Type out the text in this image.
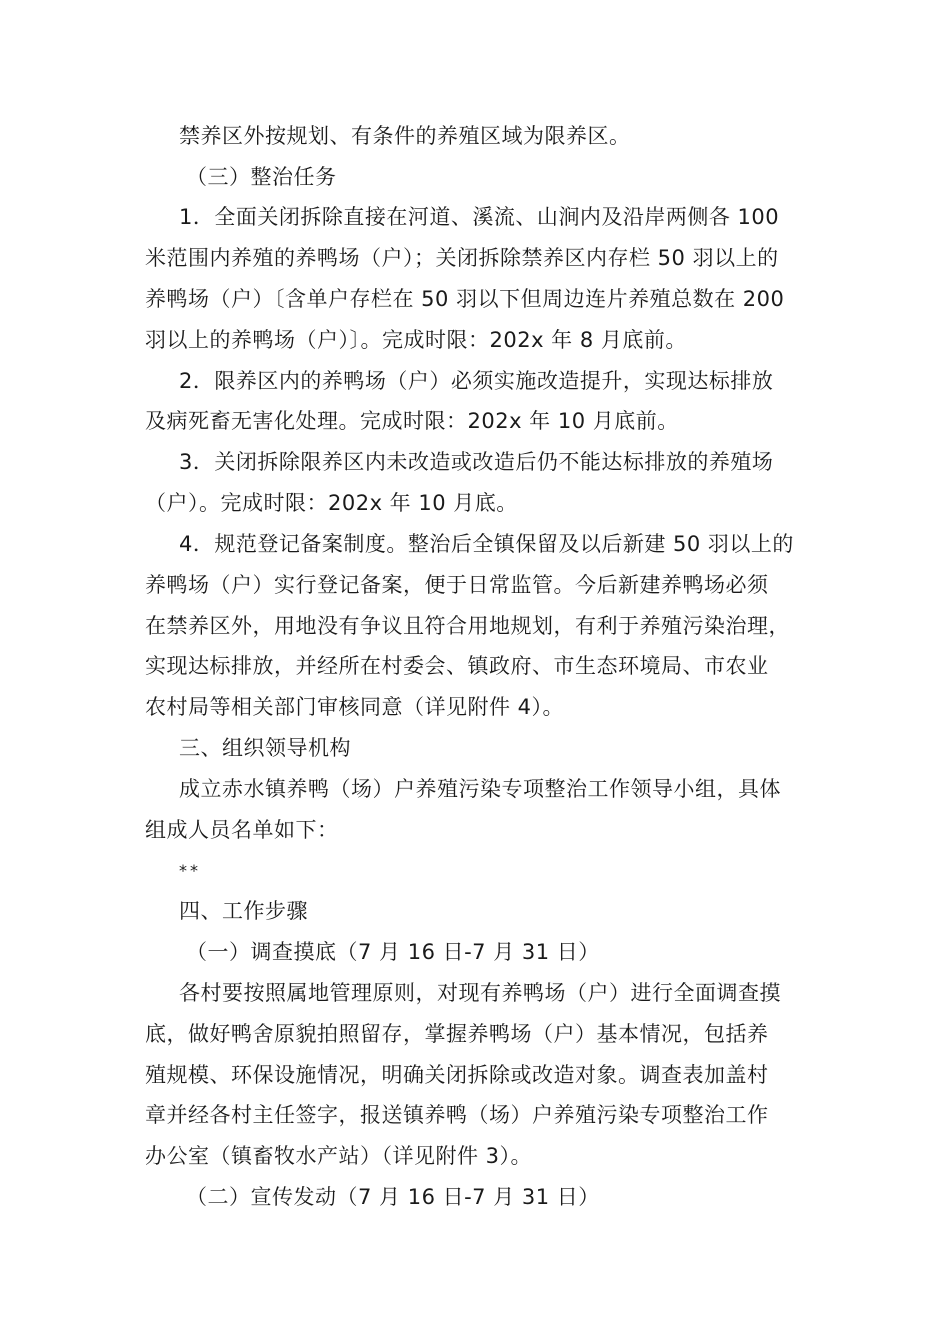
禁养区外按规划、有条件的养殖区域为限养区。
（三）整治任务
1．全面关闭拆除直接在河道、溪流、山涧内及沿岸两侧各 100
米范围内养殖的养鸭场（户）；关闭拆除禁养区内存栏 50 羽以上的
养鸭场（户）〔含单户存栏在 50 羽以下但周边连片养殖总数在 200
羽以上的养鸭场（户）〕。完成时限：202x 年 8 月底前。
2．限养区内的养鸭场（户）必须实施改造提升，实现达标排放
及病死畜无害化处理。完成时限：202x 年 10 月底前。
3．关闭拆除限养区内未改造或改造后仍不能达标排放的养殖场
（户）。完成时限：202x 年 10 月底。
4．规范登记备案制度。整治后全镇保留及以后新建 50 羽以上的
养鸭场（户）实行登记备案，便于日常监管。今后新建养鸭场必须
在禁养区外，用地没有争议且符合用地规划，有利于养殖污染治理，
实现达标排放，并经所在村委会、镇政府、市生态环境局、市农业
农村局等相关部门审核同意（详见附件 4）。
三、组织领导机构
成立赤水镇养鸭（场）户养殖污染专项整治工作领导小组，具体
组成人员名单如下：
**
四、工作步骤
（一）调查摸底（7 月 16 日-7 月 31 日）
各村要按照属地管理原则，对现有养鸭场（户）进行全面调查摸
底，做好鸭舍原貌拍照留存，掌握养鸭场（户）基本情况，包括养
殖规模、环保设施情况，明确关闭拆除或改造对象。调查表加盖村
章并经各村主任签字，报送镇养鸭（场）户养殖污染专项整治工作
办公室（镇畜牧水产站）（详见附件 3）。
（二）宣传发动（7 月 16 日-7 月 31 日）
